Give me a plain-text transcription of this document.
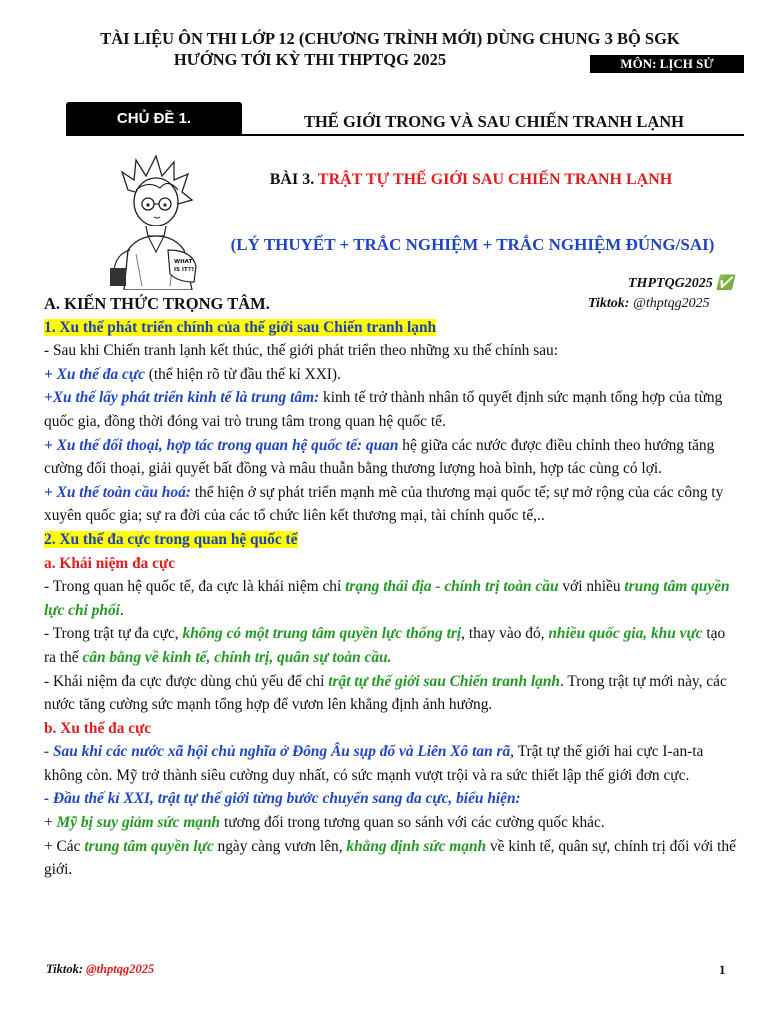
TÀI LIỆU ÔN THI LỚP 12 (CHƯƠNG TRÌNH MỚI) DÙNG CHUNG 3 BỘ SGK
HƯỚNG TỚI KỲ THI THPTQG 2025	MÔN: LỊCH SỬ
CHỦ ĐỀ 1.	THẾ GIỚI TRONG VÀ SAU CHIẾN TRANH LẠNH
WHAT
IS IT??
BÀI 3. TRẬT TỰ THẾ GIỚI SAU CHIẾN TRANH LẠNH
(LÝ THUYẾT + TRẮC NGHIỆM + TRẮC NGHIỆM ĐÚNG/SAI)
THPTQG2025 ✅
Tiktok: @thptqg2025

A. KIẾN THỨC TRỌNG TÂM.

1. Xu thế phát triển chính của thế giới sau Chiến tranh lạnh

- Sau khi Chiến tranh lạnh kết thúc, thế giới phát triển theo những xu thế chính sau:

+ Xu thế đa cực (thể hiện rõ từ đầu thế kỉ XXI).

+Xu thế lấy phát triển kinh tế là trung tâm: kinh tế trở thành nhân tố quyết định sức mạnh tổng hợp của từng quốc gia, đồng thời đóng vai trò trung tâm trong quan hệ quốc tế.

+ Xu thế đối thoại, hợp tác trong quan hệ quốc tế: quan hệ giữa các nước được điều chỉnh theo hướng tăng cường đối thoại, giải quyết bất đồng và mâu thuẫn bằng thương lượng hoà bình, hợp tác cùng có lợi.

+ Xu thế toàn cầu hoá: thể hiện ở sự phát triển mạnh mẽ của thương mại quốc tế; sự mở rộng của các công ty xuyên quốc gia; sự ra đời của các tổ chức liên kết thương mại, tài chính quốc tế,..

2. Xu thế đa cực trong quan hệ quốc tế

a. Khái niệm đa cực

- Trong quan hệ quốc tế, đa cực là khái niệm chỉ trạng thái địa - chính trị toàn cầu với nhiều trung tâm quyền lực chi phối.

- Trong trật tự đa cực, không có một trung tâm quyền lực thống trị, thay vào đó, nhiều quốc gia, khu vực tạo ra thế cân bằng về kinh tế, chính trị, quân sự toàn cầu.

- Khái niệm đa cực được dùng chủ yếu để chỉ trật tự thế giới sau Chiến tranh lạnh. Trong trật tự mới này, các nước tăng cường sức mạnh tổng hợp để vươn lên khẳng định ảnh hưởng.

b. Xu thế đa cực

- Sau khi các nước xã hội chủ nghĩa ở Đông Âu sụp đổ và Liên Xô tan rã, Trật tự thế giới hai cực I-an-ta không còn. Mỹ trở thành siêu cường duy nhất, có sức mạnh vượt trội và ra sức thiết lập thế giới đơn cực.

- Đầu thế kỉ XXI, trật tự thế giới từng bước chuyển sang đa cực, biểu hiện:

+ Mỹ bị suy giảm sức mạnh tương đối trong tương quan so sánh với các cường quốc khác.

+ Các trung tâm quyền lực ngày càng vươn lên, khẳng định sức mạnh về kinh tế, quân sự, chính trị đối với thế giới.

Tiktok: @thptqg2025	1
